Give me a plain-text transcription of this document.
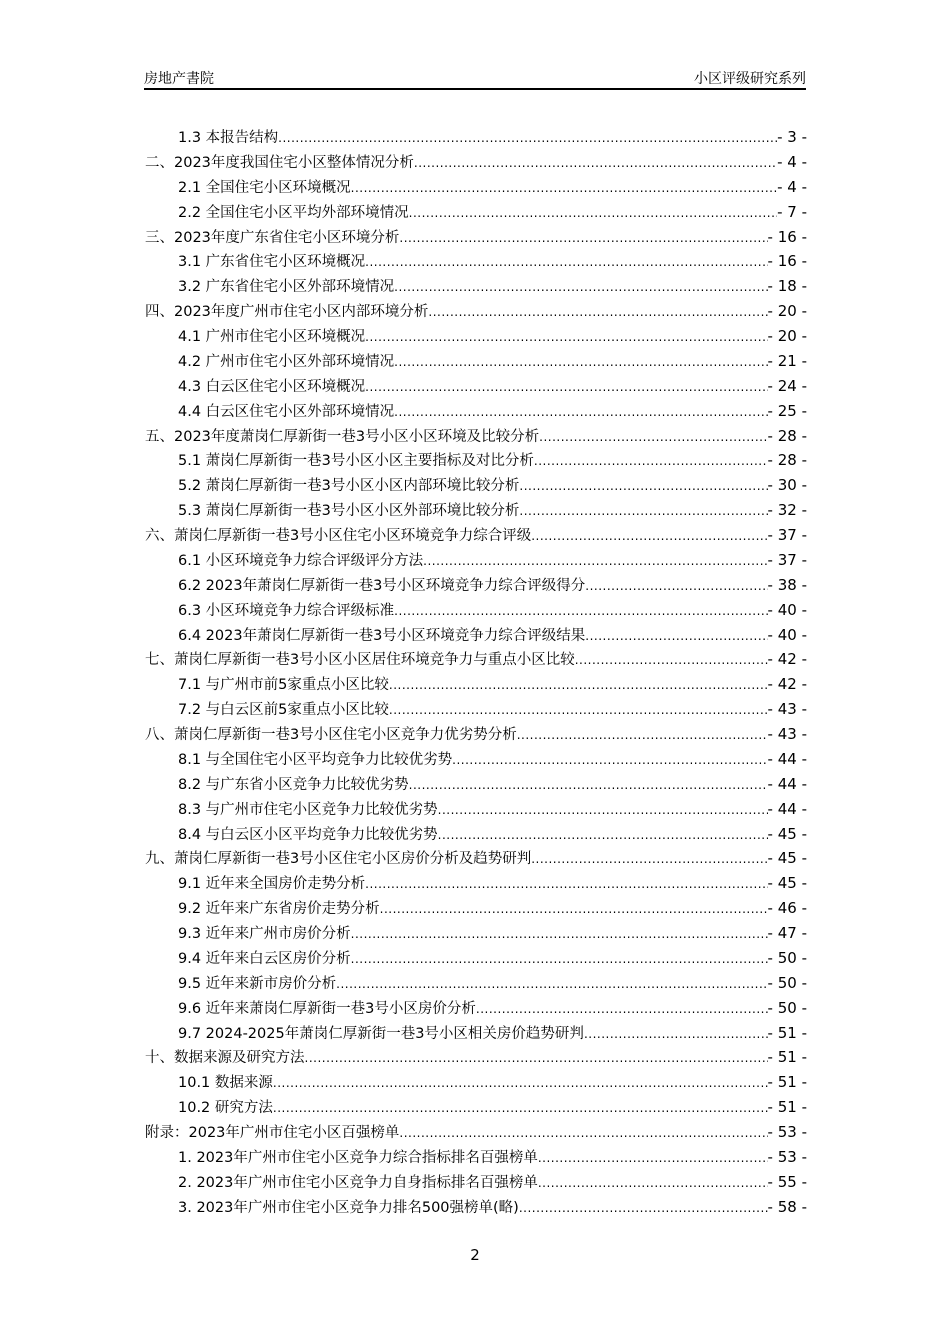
房地产書院	小区评级研究系列
1.3 本报告结构 .....	- 3 -
二、2023年度我国住宅小区整体情况分析 .....	- 4 -
2.1 全国住宅小区环境概况 .....	- 4 -
2.2 全国住宅小区平均外部环境情况 .....	- 7 -
三、2023年度广东省住宅小区环境分析 .....	- 16 -
3.1 广东省住宅小区环境概况 .....	- 16 -
3.2 广东省住宅小区外部环境情况 .....	- 18 -
四、2023年度广州市住宅小区内部环境分析 .....	- 20 -
4.1 广州市住宅小区环境概况 .....	- 20 -
4.2 广州市住宅小区外部环境情况 .....	- 21 -
4.3 白云区住宅小区环境概况 .....	- 24 -
4.4 白云区住宅小区外部环境情况 .....	- 25 -
五、2023年度萧岗仁厚新街一巷3号小区小区环境及比较分析 .....	- 28 -
5.1 萧岗仁厚新街一巷3号小区小区主要指标及对比分析 .....	- 28 -
5.2 萧岗仁厚新街一巷3号小区小区内部环境比较分析 .....	- 30 -
5.3 萧岗仁厚新街一巷3号小区小区外部环境比较分析 .....	- 32 -
六、萧岗仁厚新街一巷3号小区住宅小区环境竞争力综合评级 .....	- 37 -
6.1 小区环境竞争力综合评级评分方法 .....	- 37 -
6.2 2023年萧岗仁厚新街一巷3号小区环境竞争力综合评级得分 .....	- 38 -
6.3 小区环境竞争力综合评级标准 .....	- 40 -
6.4 2023年萧岗仁厚新街一巷3号小区环境竞争力综合评级结果 .....	- 40 -
七、萧岗仁厚新街一巷3号小区小区居住环境竞争力与重点小区比较 .....	- 42 -
7.1 与广州市前5家重点小区比较 .....	- 42 -
7.2 与白云区前5家重点小区比较 .....	- 43 -
八、萧岗仁厚新街一巷3号小区住宅小区竞争力优劣势分析 .....	- 43 -
8.1 与全国住宅小区平均竞争力比较优劣势 .....	- 44 -
8.2 与广东省小区竞争力比较优劣势 .....	- 44 -
8.3 与广州市住宅小区竞争力比较优劣势 .....	- 44 -
8.4 与白云区小区平均竞争力比较优劣势 .....	- 45 -
九、萧岗仁厚新街一巷3号小区住宅小区房价分析及趋势研判 .....	- 45 -
9.1 近年来全国房价走势分析 .....	- 45 -
9.2 近年来广东省房价走势分析 .....	- 46 -
9.3 近年来广州市房价分析 .....	- 47 -
9.4 近年来白云区房价分析 .....	- 50 -
9.5 近年来新市房价分析 .....	- 50 -
9.6 近年来萧岗仁厚新街一巷3号小区房价分析 .....	- 50 -
9.7 2024-2025年萧岗仁厚新街一巷3号小区相关房价趋势研判 .....	- 51 -
十、数据来源及研究方法 .....	- 51 -
10.1 数据来源 .....	- 51 -
10.2 研究方法 .....	- 51 -
附录：2023年广州市住宅小区百强榜单 .....	- 53 -
1. 2023年广州市住宅小区竞争力综合指标排名百强榜单 .....	- 53 -
2. 2023年广州市住宅小区竞争力自身指标排名百强榜单 .....	- 55 -
3. 2023年广州市住宅小区竞争力排名500强榜单(略) .....	- 58 -
2
